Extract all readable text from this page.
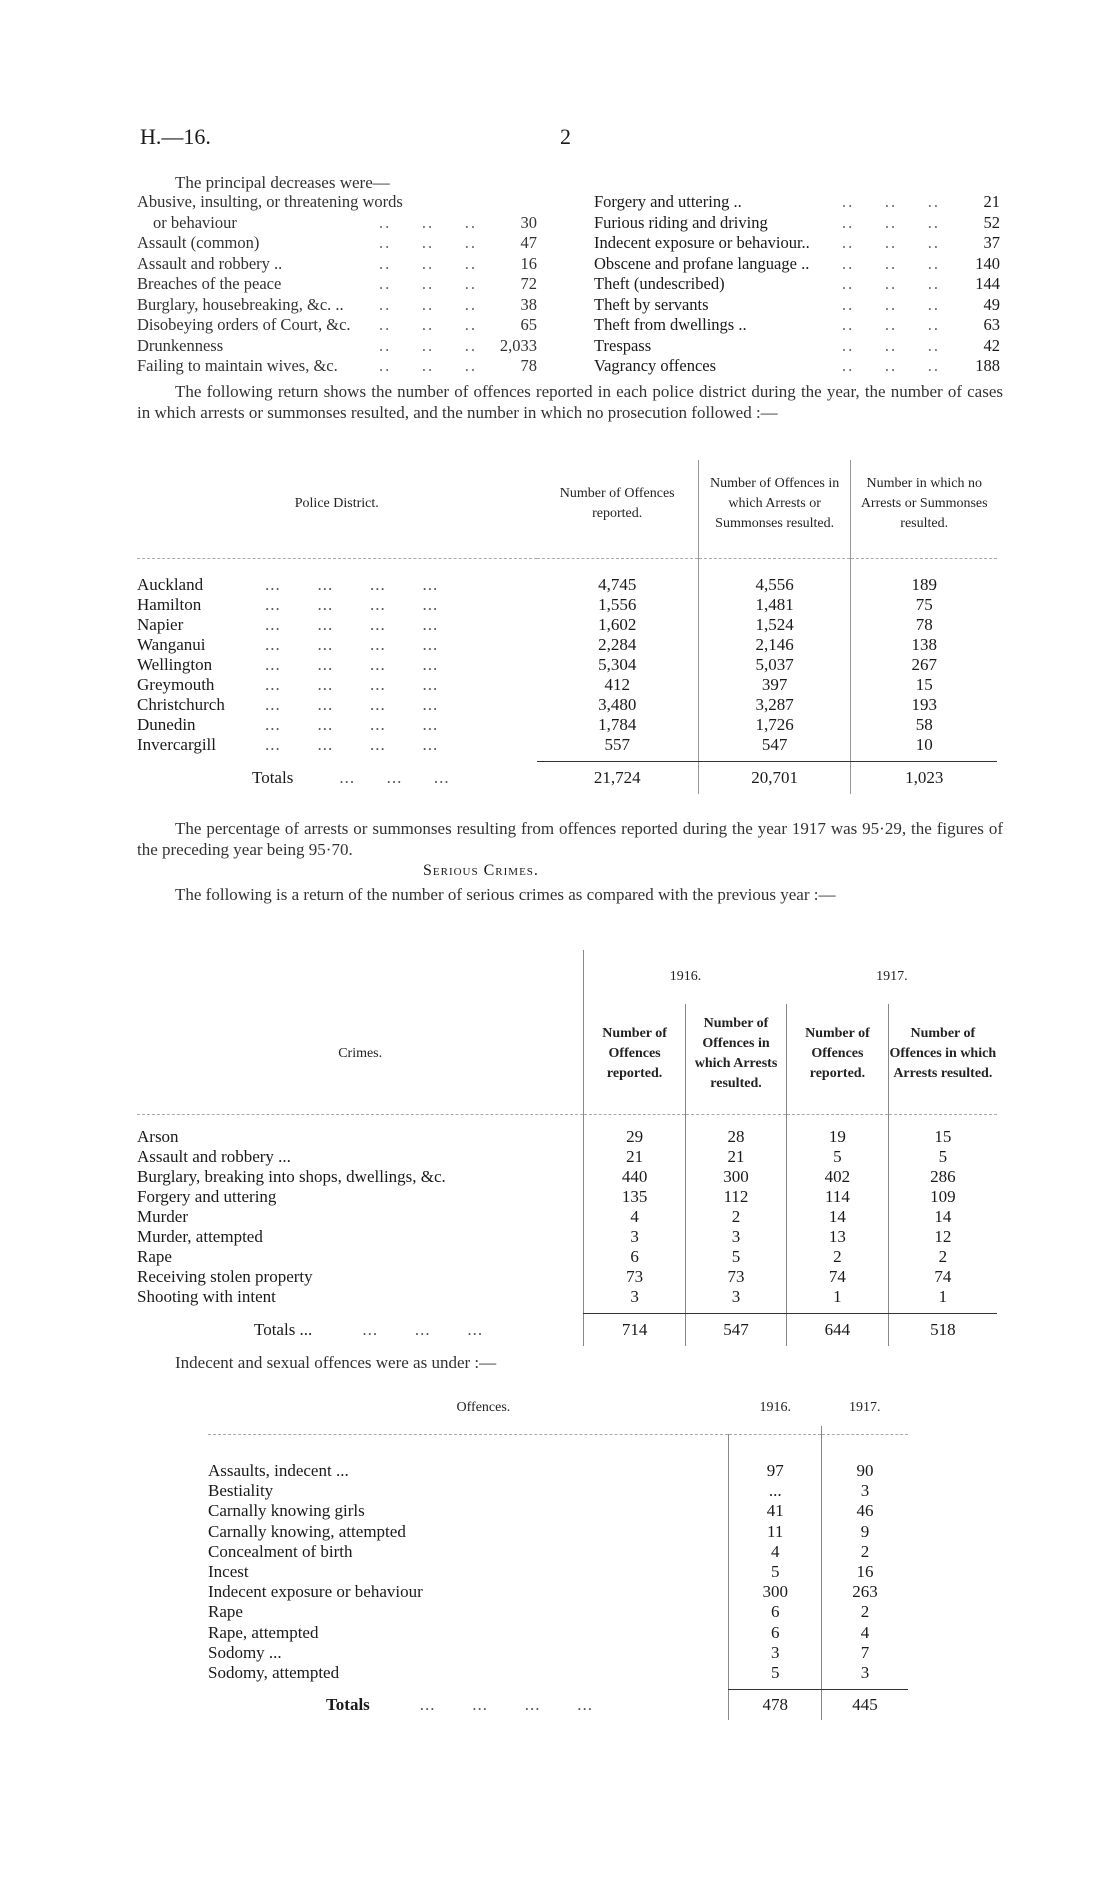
H.—16.	2
The principal decreases were—
Abusive, insulting, or threatening words
or behaviour	..     ..     ..	30
Assault (common)	..     ..     ..	47
Assault and robbery ..	..     ..     ..	16
Breaches of the peace	..     ..     ..	72
Burglary, housebreaking, &c. ..	..     ..     ..	38
Disobeying orders of Court, &c.	..     ..     ..	65
Drunkenness	..     ..     .. 2,033
Failing to maintain wives, &c.	..     ..     ..	78
Forgery and uttering ..	..     ..     ..	21
Furious riding and driving	..     ..     ..	52
Indecent exposure or behaviour..	..     ..     ..	37
Obscene and profane language ..	..     ..     .. 140
Theft (undescribed)	..     ..     .. 144
Theft by servants	..     ..     ..	49
Theft from dwellings ..	..     ..     ..	63
Trespass	..     ..     ..	42
Vagrancy offences	..     ..     .. 188
The following return shows the number of offences reported in each police district during the year, the number of cases in which arrests or summonses resulted, and the number in which no prosecution followed :—
Police District.	Number of Offences reported.	Number of Offences in which Arrests or Summonses resulted.	Number in which no Arrests or Summonses resulted.

Auckland ...       ...       ...       ...	4,745	4,556	189
Hamilton ...       ...       ...       ...	1,556	1,481	75
Napier ...       ...       ...       ...	1,602	1,524	78
Wanganui ...       ...       ...       ...	2,284	2,146	138
Wellington ...       ...       ...       ...	5,304	5,037	267
Greymouth ...       ...       ...       ...	412	397	15
Christchurch ...       ...       ...       ...	3,480	3,287	193
Dunedin ...       ...       ...       ...	1,784	1,726	58
Invercargill ...       ...       ...       ...	557	547	10

Totals ...      ...      ...	21,724	20,701	1,023
The percentage of arrests or summonses resulting from offences reported during the year 1917 was 95·29, the figures of the preceding year being 95·70.
Serious Crimes.
The following is a return of the number of serious crimes as compared with the previous year :—
	1916.		1917.	
Crimes.	Number of Offences reported.	Number of Offences in which Arrests resulted.	Number of Offences reported.	Number of Offences in which Arrests resulted.

Arson	29	28	19	15
Assault and robbery ...	21	21	5	5
Burglary, breaking into shops, dwellings, &c.	440	300	402	286
Forgery and uttering	135	112	114	109
Murder	4	2	14	14
Murder, attempted	3	3	13	12
Rape	6	5	2	2
Receiving stolen property	73	73	74	74
Shooting with intent	3	3	1	1

Totals ... ...       ...       ...	714	547	644	518
Indecent and sexual offences were as under :—
Offences.	1916.	1917.

Assaults, indecent ...	97	90
Bestiality	...	3
Carnally knowing girls	41	46
Carnally knowing, attempted	11	9
Concealment of birth	4	2
Incest	5	16
Indecent exposure or behaviour	300	263
Rape	6	2
Rape, attempted	6	4
Sodomy ...	3	7
Sodomy, attempted	5	3

Totals ...       ...       ...       ...	478	445
